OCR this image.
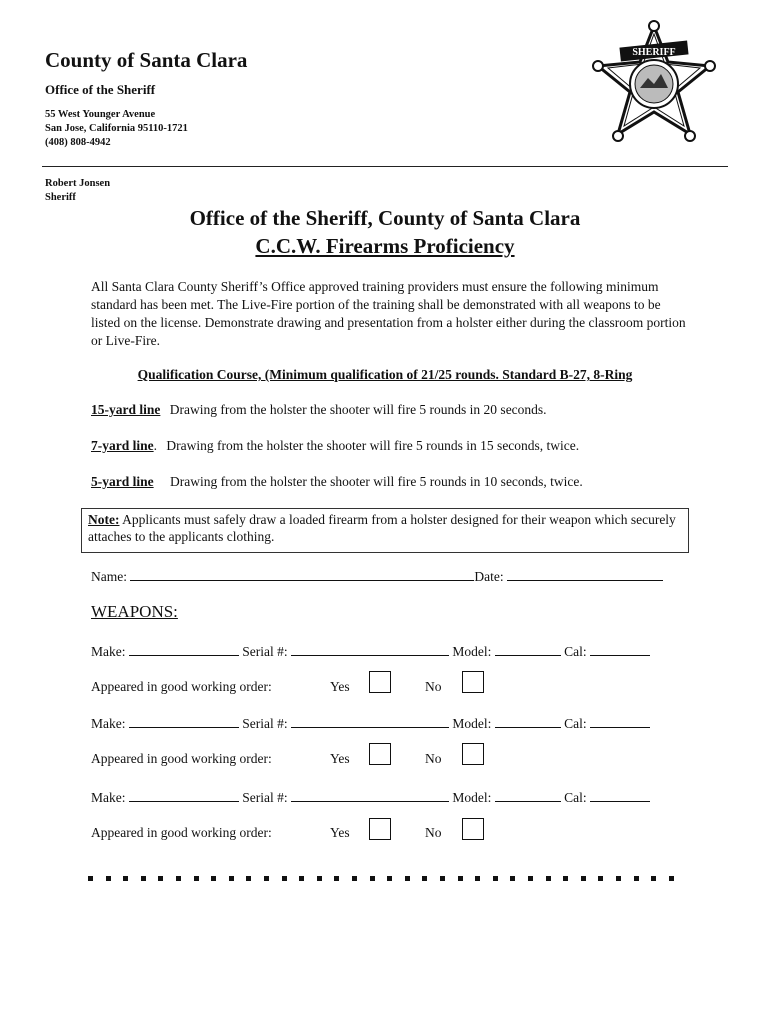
County of Santa Clara
Office of the Sheriff
55 West Younger Avenue
San Jose, California 95110-1721
(408) 808-4942
SHERIFF
Robert Jonsen
Sheriff
Office of the Sheriff, County of Santa Clara
C.C.W. Firearms Proficiency
All Santa Clara County Sheriff’s Office approved training providers must ensure the following minimum standard has been met. The Live-Fire portion of the training shall be demonstrated with all weapons to be listed on the license. Demonstrate drawing and presentation from a holster either during the classroom portion or Live-Fire.
Qualification Course, (Minimum qualification of 21/25 rounds. Standard B-27, 8-Ring
15-yard line Drawing from the holster the shooter will fire 5 rounds in 20 seconds.
7-yard line. Drawing from the holster the shooter will fire 5 rounds in 15 seconds, twice.
5-yard line Drawing from the holster the shooter will fire 5 rounds in 10 seconds, twice.
Note: Applicants must safely draw a loaded firearm from a holster designed for their weapon which securely attaches to the applicants clothing.
Name:	Date:
WEAPONS:
Make:	Serial #:	Model:	Cal:
Appeared in good working order:	Yes	No
Make:	Serial #:	Model:	Cal:
Appeared in good working order:	Yes	No
Make:	Serial #:	Model:	Cal:
Appeared in good working order:	Yes	No
